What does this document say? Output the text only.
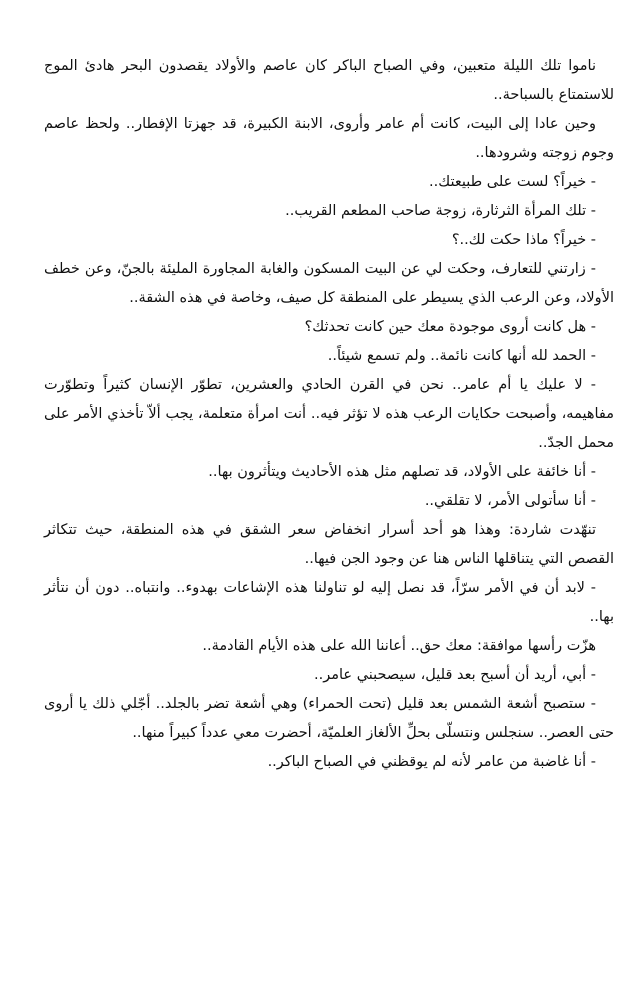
ناموا تلك الليلة متعبين، وفي الصباح الباكر كان عاصم والأولاد يقصدون البحر هادئ الموج للاستمتاع بالسباحة..

وحين عادا إلى البيت، كانت أم عامر وأروى، الابنة الكبيرة، قد جهزتا الإفطار.. ولحظ عاصم وجوم زوجته وشرودها..

- خيراً؟ لست على طبيعتك..

- تلك المرأة الثرثارة، زوجة صاحب المطعم القريب..

- خيراً؟ ماذا حكت لك..؟

- زارتني للتعارف، وحكت لي عن البيت المسكون والغابة المجاورة المليئة بالجنّ، وعن خطف الأولاد، وعن الرعب الذي يسيطر على المنطقة كل صيف، وخاصة في هذه الشقة..

- هل كانت أروى موجودة معك حين كانت تحدثك؟

- الحمد لله أنها كانت نائمة.. ولم تسمع شيئاً..

- لا عليك يا أم عامر.. نحن في القرن الحادي والعشرين، تطوّر الإنسان كثيراً وتطوّرت مفاهيمه، وأصبحت حكايات الرعب هذه لا تؤثر فيه.. أنت امرأة متعلمة، يجب ألاّ تأخذي الأمر على محمل الجدّ..

- أنا خائفة على الأولاد، قد تصلهم مثل هذه الأحاديث ويتأثرون بها..

- أنا سأتولى الأمر، لا تقلقي..

تنهّدت شاردة: وهذا هو أحد أسرار انخفاض سعر الشقق في هذه المنطقة، حيث تتكاثر القصص التي يتناقلها الناس هنا عن وجود الجن فيها..

- لابد أن في الأمر سرّاً، قد نصل إليه لو تناولنا هذه الإشاعات بهدوء.. وانتباه.. دون أن نتأثر بها..

هزّت رأسها موافقة: معك حق.. أعاننا الله على هذه الأيام القادمة..

- أبي، أريد أن أسبح بعد قليل، سيصحبني عامر..

- ستصبح أشعة الشمس بعد قليل (تحت الحمراء) وهي أشعة تضر بالجلد.. أجّلي ذلك يا أروى حتى العصر.. سنجلس ونتسلّى بحلِّ الألغاز العلميّة، أحضرت معي عدداً كبيراً منها..

- أنا غاضبة من عامر لأنه لم يوقظني في الصباح الباكر..
